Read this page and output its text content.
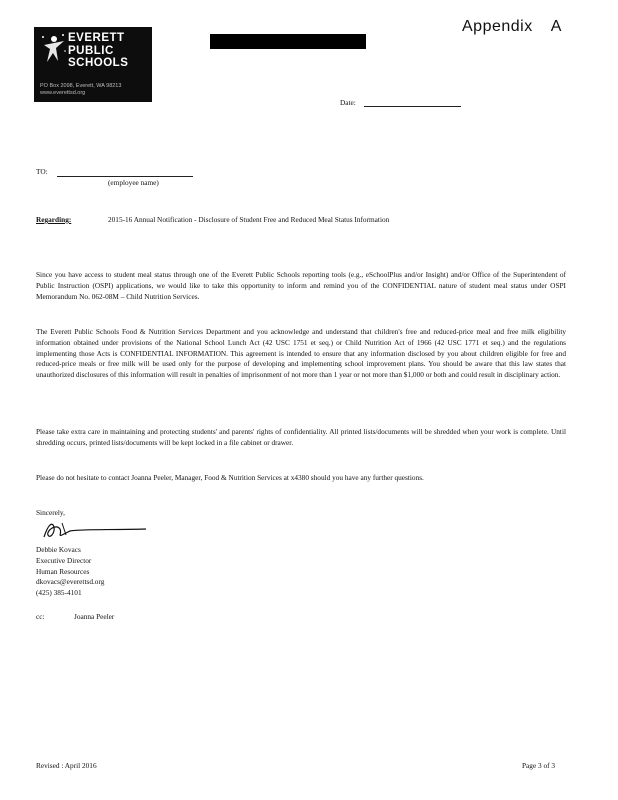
Appendix A
EVERETT
PUBLIC
SCHOOLS
PO Box 2098, Everett, WA 98213
www.everettsd.org
Date:
TO:
(employee name)
Regarding:	2015-16 Annual Notification - Disclosure of Student Free and Reduced Meal Status Information
Since you have access to student meal status through one of the Everett Public Schools reporting tools (e.g., eSchoolPlus and/or Insight) and/or Office of the Superintendent of Public Instruction (OSPI) applications, we would like to take this opportunity to inform and remind you of the CONFIDENTIAL nature of student meal status under OSPI Memorandum No. 062-08M – Child Nutrition Services.
The Everett Public Schools Food & Nutrition Services Department and you acknowledge and understand that children's free and reduced-price meal and free milk eligibility information obtained under provisions of the National School Lunch Act (42 USC 1751 et seq.) or Child Nutrition Act of 1966 (42 USC 1771 et seq.) and the regulations implementing those Acts is CONFIDENTIAL INFORMATION. This agreement is intended to ensure that any information disclosed by you about children eligible for free and reduced-price meals or free milk will be used only for the purpose of developing and implementing school improvement plans. You should be aware that this law states that unauthorized disclosures of this information will result in penalties of imprisonment of not more than 1 year or not more than $1,000 or both and could result in disciplinary action.
Please take extra care in maintaining and protecting students' and parents' rights of confidentiality. All printed lists/documents will be shredded when your work is complete. Until shredding occurs, printed lists/documents will be kept locked in a file cabinet or drawer.
Please do not hesitate to contact Joanna Peeler, Manager, Food & Nutrition Services at x4380 should you have any further questions.
Sincerely,
Debbie Kovacs
Executive Director
Human Resources
dkovacs@everettsd.org
(425) 385-4101
cc:	Joanna Peeler
Revised : April 2016	Page 3 of 3
